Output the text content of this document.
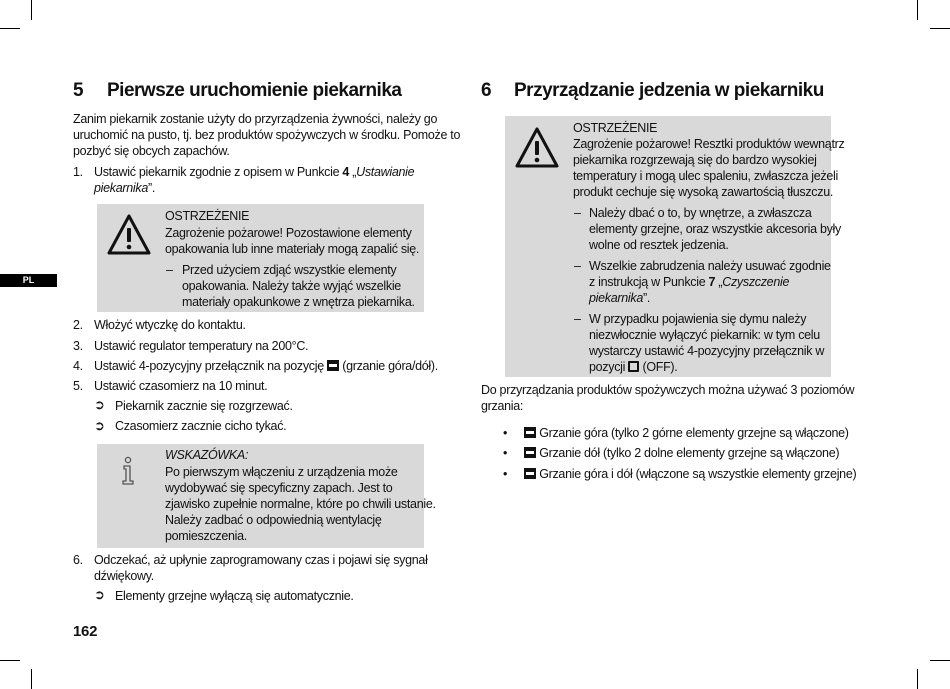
PL
5 Pierwsze uruchomienie piekarnika
Zanim piekarnik zostanie użyty do przyrządzenia żywności, należy go
uruchomić na pusto, tj. bez produktów spożywczych w środku. Pomoże to
pozbyć się obcych zapachów.
1. Ustawić piekarnik zgodnie z opisem w Punkcie 4 „Ustawianie
piekarnika”.
OSTRZEŻENIE
Zagrożenie pożarowe! Pozostawione elementy
opakowania lub inne materiały mogą zapalić się.
– Przed użyciem zdjąć wszystkie elementy
opakowania. Należy także wyjąć wszelkie
materiały opakunkowe z wnętrza piekarnika.
2. Włożyć wtyczkę do kontaktu.
3. Ustawić regulator temperatury na 200°C.
4. Ustawić 4-pozycyjny przełącznik na pozycję  (grzanie góra/dół).
5. Ustawić czasomierz na 10 minut.
➲ Piekarnik zacznie się rozgrzewać.
➲ Czasomierz zacznie cicho tykać.
WSKAZÓWKA:
Po pierwszym włączeniu z urządzenia może
wydobywać się specyficzny zapach. Jest to
zjawisko zupełnie normalne, które po chwili ustanie.
Należy zadbać o odpowiednią wentylację
pomieszczenia.
6. Odczekać, aż upłynie zaprogramowany czas i pojawi się sygnał
dźwiękowy.
➲ Elementy grzejne wyłączą się automatycznie.
162
6 Przyrządzanie jedzenia w piekarniku
OSTRZEŻENIE
Zagrożenie pożarowe! Resztki produktów wewnątrz
piekarnika rozgrzewają się do bardzo wysokiej
temperatury i mogą ulec spaleniu, zwłaszcza jeżeli
produkt cechuje się wysoką zawartością tłuszczu.
– Należy dbać o to, by wnętrze, a zwłaszcza
elementy grzejne, oraz wszystkie akcesoria były
wolne od resztek jedzenia.
– Wszelkie zabrudzenia należy usuwać zgodnie
z instrukcją w Punkcie 7 „Czyszczenie
piekarnika”.
– W przypadku pojawienia się dymu należy
niezwłocznie wyłączyć piekarnik: w tym celu
wystarczy ustawić 4-pozycyjny przełącznik w
pozycji  (OFF).
Do przyrządzania produktów spożywczych można używać 3 poziomów
grzania:
•	Grzanie góra (tylko 2 górne elementy grzejne są włączone)
•	Grzanie dół (tylko 2 dolne elementy grzejne są włączone)
•	Grzanie góra i dół (włączone są wszystkie elementy grzejne)
